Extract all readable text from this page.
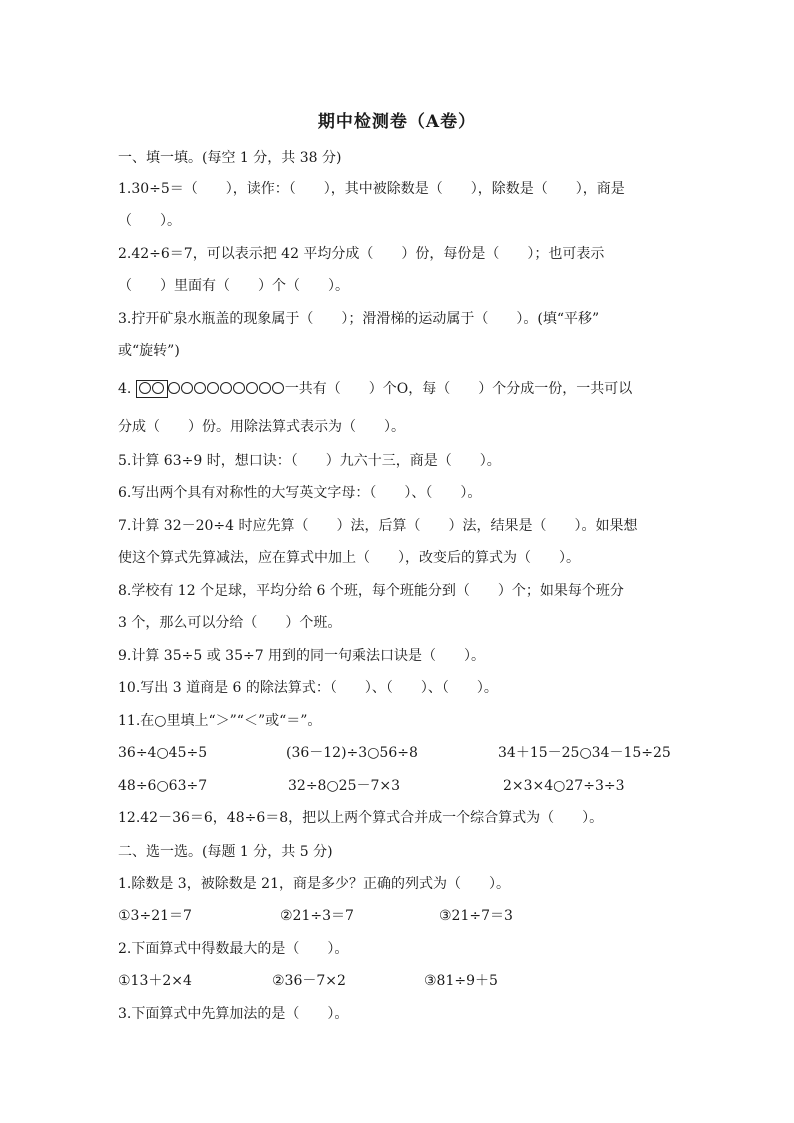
期中检测卷（A卷）
一、填一填。(每空 1 分，共 38 分)
1.30÷5＝（　　），读作：（　　），其中被除数是（　　），除数是（　　），商是
（　　）。
2.42÷6＝7，可以表示把 42 平均分成（　　）份，每份是（　　）；也可表示
（　　）里面有（　　）个（　　）。
3.拧开矿泉水瓶盖的现象属于（　　）；滑滑梯的运动属于（　　）。(填“平移”
或“旋转”)
4.	一共有（　　）个O，每（　　）个分成一份，一共可以
分成（　　）份。用除法算式表示为（　　）。
5.计算 63÷9 时，想口诀：（　　）九六十三，商是（　　）。
6.写出两个具有对称性的大写英文字母：（　　）、（　　）。
7.计算 32－20÷4 时应先算（　　）法，后算（　　）法，结果是（　　）。如果想
使这个算式先算减法，应在算式中加上（　　），改变后的算式为（　　）。
8.学校有 12 个足球，平均分给 6 个班，每个班能分到（　　）个；如果每个班分
3 个，那么可以分给（　　）个班。
9.计算 35÷5 或 35÷7 用到的同一句乘法口诀是（　　）。
10.写出 3 道商是 6 的除法算式：（　　）、（　　）、（　　）。
11.在○里填上“＞”“＜”或“＝”。
36÷4○45÷5	(36－12)÷3○56÷8	34＋15－25○34－15÷25
48÷6○63÷7	32÷8○25－7×3	2×3×4○27÷3÷3
12.42－36＝6，48÷6＝8，把以上两个算式合并成一个综合算式为（　　）。
二、选一选。(每题 1 分，共 5 分)
1.除数是 3，被除数是 21，商是多少？正确的列式为（　　）。
①3÷21＝7	②21÷3＝7	③21÷7＝3
2.下面算式中得数最大的是（　　）。
①13＋2×4	②36－7×2	③81÷9＋5
3.下面算式中先算加法的是（　　）。
